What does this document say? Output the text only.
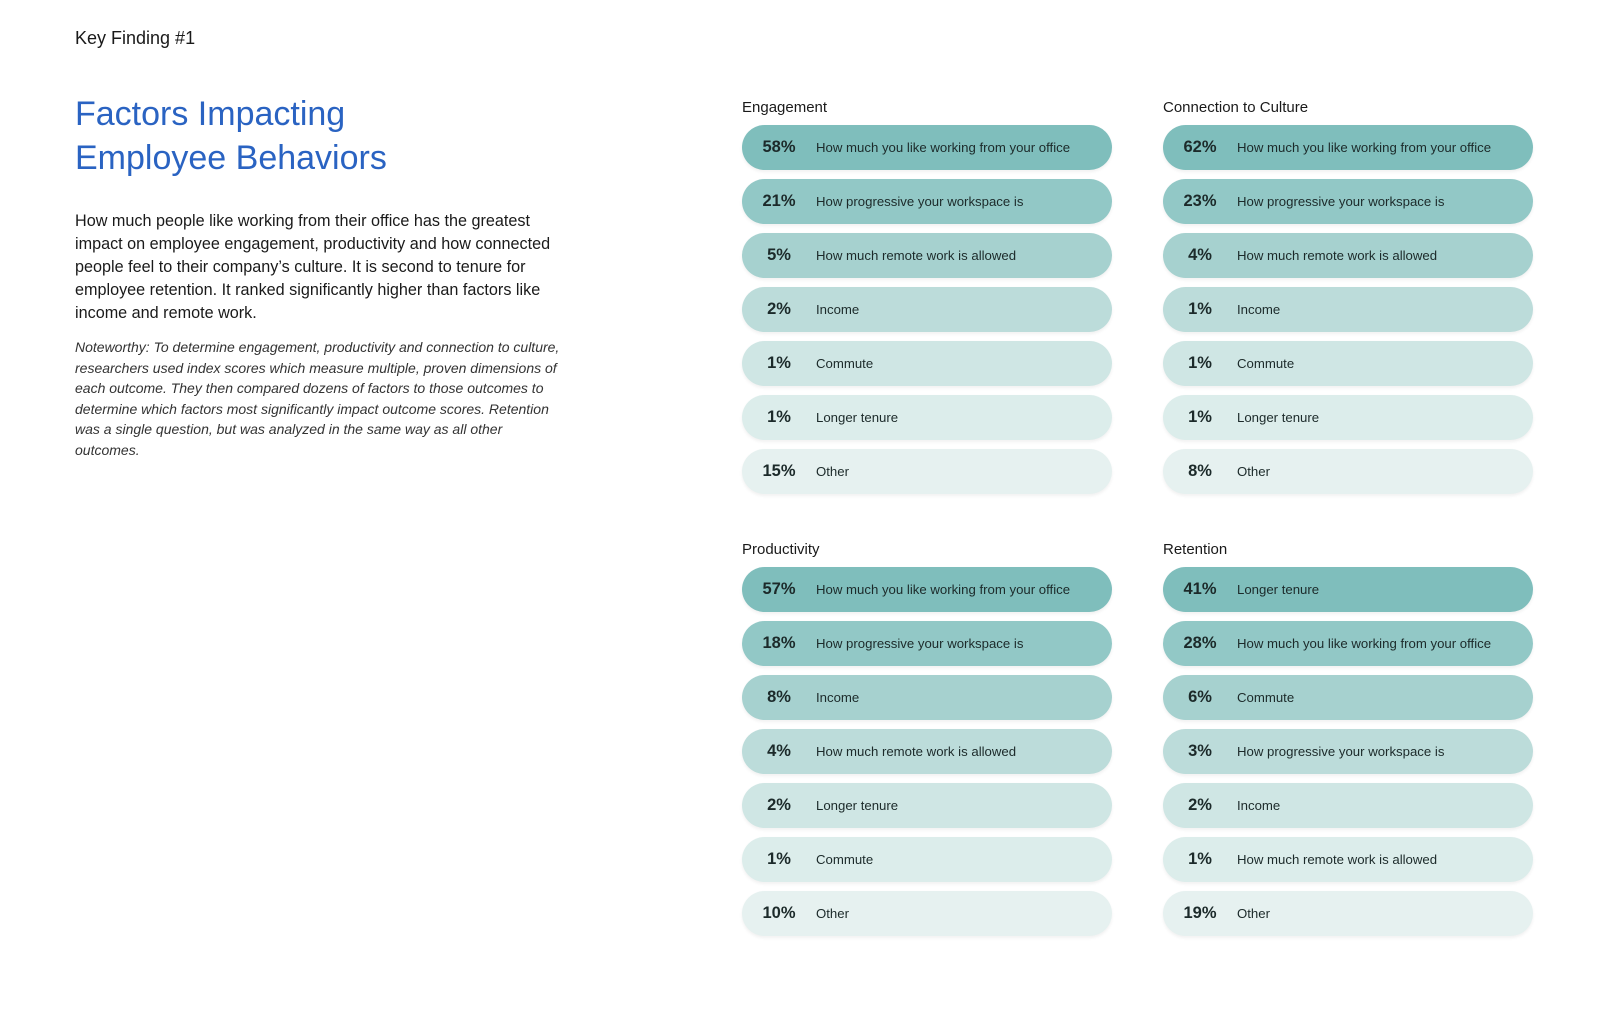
Key Finding #1
Factors Impacting
Employee Behaviors

How much people like working from their office has the greatest impact on employee engagement, productivity and how connected people feel to their company’s culture. It is second to tenure for employee retention. It ranked significantly higher than factors like income and remote work.

Noteworthy: To determine engagement, productivity and connection to culture, researchers used index scores which measure multiple, proven dimensions of each outcome. They then compared dozens of factors to those outcomes to determine which factors most significantly impact outcome scores. Retention was a single question, but was analyzed in the same way as all other outcomes.

Engagement
58%	How much you like working from your office
21%	How progressive your workspace is
5%	How much remote work is allowed
2%	Income
1%	Commute
1%	Longer tenure
15%	Other
Connection to Culture
62%	How much you like working from your office
23%	How progressive your workspace is
4%	How much remote work is allowed
1%	Income
1%	Commute
1%	Longer tenure
8%	Other
Productivity
57%	How much you like working from your office
18%	How progressive your workspace is
8%	Income
4%	How much remote work is allowed
2%	Longer tenure
1%	Commute
10%	Other
Retention
41%	Longer tenure
28%	How much you like working from your office
6%	Commute
3%	How progressive your workspace is
2%	Income
1%	How much remote work is allowed
19%	Other
